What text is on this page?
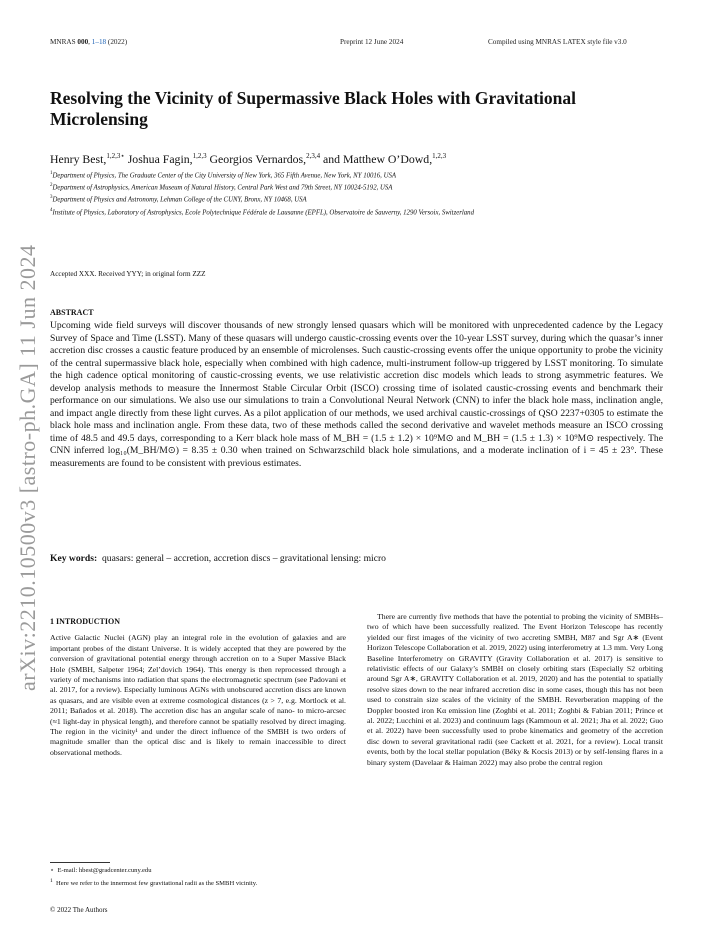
MNRAS 000, 1–18 (2022)	Preprint 12 June 2024	Compiled using MNRAS LATEX style file v3.0
arXiv:2210.10500v3 [astro-ph.GA] 11 Jun 2024
Resolving the Vicinity of Supermassive Black Holes with Gravitational Microlensing
Henry Best,$^{1,2,3⋆}$ Joshua Fagin,$^{1,2,3}$ Georgios Vernardos,$^{2,3,4}$ and Matthew O’Dowd,$^{1,2,3}$
$^1$Department of Physics, The Graduate Center of the City University of New York, 365 Fifth Avenue, New York, NY 10016, USA
$^2$Department of Astrophysics, American Museum of Natural History, Central Park West and 79th Street, NY 10024-5192, USA
$^3$Department of Physics and Astronomy, Lehman College of the CUNY, Bronx, NY 10468, USA
$^4$Institute of Physics, Laboratory of Astrophysics, Ecole Polytechnique Fédérale de Lausanne (EPFL), Observatoire de Sauverny, 1290 Versoix, Switzerland
Accepted XXX. Received YYY; in original form ZZZ
ABSTRACT
Upcoming wide field surveys will discover thousands of new strongly lensed quasars which will be monitored with unprecedented cadence by the Legacy Survey of Space and Time (LSST). Many of these quasars will undergo caustic-crossing events over the 10-year LSST survey, during which the quasar’s inner accretion disc crosses a caustic feature produced by an ensemble of microlenses. Such caustic-crossing events offer the unique opportunity to probe the vicinity of the central supermassive black hole, especially when combined with high cadence, multi-instrument follow-up triggered by LSST monitoring. To simulate the high cadence optical monitoring of caustic-crossing events, we use relativistic accretion disc models which leads to strong asymmetric features. We develop analysis methods to measure the Innermost Stable Circular Orbit (ISCO) crossing time of isolated caustic-crossing events and benchmark their performance on our simulations. We also use our simulations to train a Convolutional Neural Network (CNN) to infer the black hole mass, inclination angle, and impact angle directly from these light curves. As a pilot application of our methods, we used archival caustic-crossings of QSO 2237+0305 to estimate the black hole mass and inclination angle. From these data, two of these methods called the second derivative and wavelet methods measure an ISCO crossing time of 48.5 and 49.5 days, corresponding to a Kerr black hole mass of M_BH = (1.5 ± 1.2) × 10⁹M⊙ and M_BH = (1.5 ± 1.3) × 10⁹M⊙ respectively. The CNN inferred log₁₀(M_BH/M⊙) = 8.35 ± 0.30 when trained on Schwarzschild black hole simulations, and a moderate inclination of i = 45 ± 23°. These measurements are found to be consistent with previous estimates.
Key words: quasars: general – accretion, accretion discs – gravitational lensing: micro
1 INTRODUCTION

Active Galactic Nuclei (AGN) play an integral role in the evolution of galaxies and are important probes of the distant Universe. It is widely accepted that they are powered by the conversion of gravitational potential energy through accretion on to a Super Massive Black Hole (SMBH, Salpeter 1964; Zel’dovich 1964). This energy is then reprocessed through a variety of mechanisms into radiation that spans the electromagnetic spectrum (see Padovani et al. 2017, for a review). Especially luminous AGNs with unobscured accretion discs are known as quasars, and are visible even at extreme cosmological distances (z > 7, e.g. Mortlock et al. 2011; Bañados et al. 2018). The accretion disc has an angular scale of nano- to micro-arcsec (≈1 light-day in physical length), and therefore cannot be spatially resolved by direct imaging. The region in the vicinity¹ and under the direct influence of the SMBH is two orders of magnitude smaller than the optical disc and is likely to remain inaccessible to direct observational methods.

There are currently five methods that have the potential to probing the vicinity of SMBHs–two of which have been successfully realized. The Event Horizon Telescope has recently yielded our first images of the vicinity of two accreting SMBH, M87 and Sgr A∗ (Event Horizon Telescope Collaboration et al. 2019, 2022) using interferometry at 1.3 mm. Very Long Baseline Interferometry on GRAVITY (Gravity Collaboration et al. 2017) is sensitive to relativistic effects of our Galaxy’s SMBH on closely orbiting stars (Especially S2 orbiting around Sgr A∗, GRAVITY Collaboration et al. 2019, 2020) and has the potential to spatially resolve sizes down to the near infrared accretion disc in some cases, though this has not been used to constrain size scales of the vicinity of the SMBH. Reverberation mapping of the Doppler boosted iron Kα emission line (Zoghbi et al. 2011; Zoghbi & Fabian 2011; Prince et al. 2022; Lucchini et al. 2023) and continuum lags (Kammoun et al. 2021; Jha et al. 2022; Guo et al. 2022) have been successfully used to probe kinematics and geometry of the accretion disc down to several gravitational radii (see Cackett et al. 2021, for a review). Local transit events, both by the local stellar population (Béky & Kocsis 2013) or by self-lensing flares in a binary system (Davelaar & Haiman 2022) may also probe the central region

⋆ E-mail: hbest@gradcenter.cuny.edu
$^1$ Here we refer to the innermost few gravitational radii as the SMBH vicinity.
© 2022 The Authors
